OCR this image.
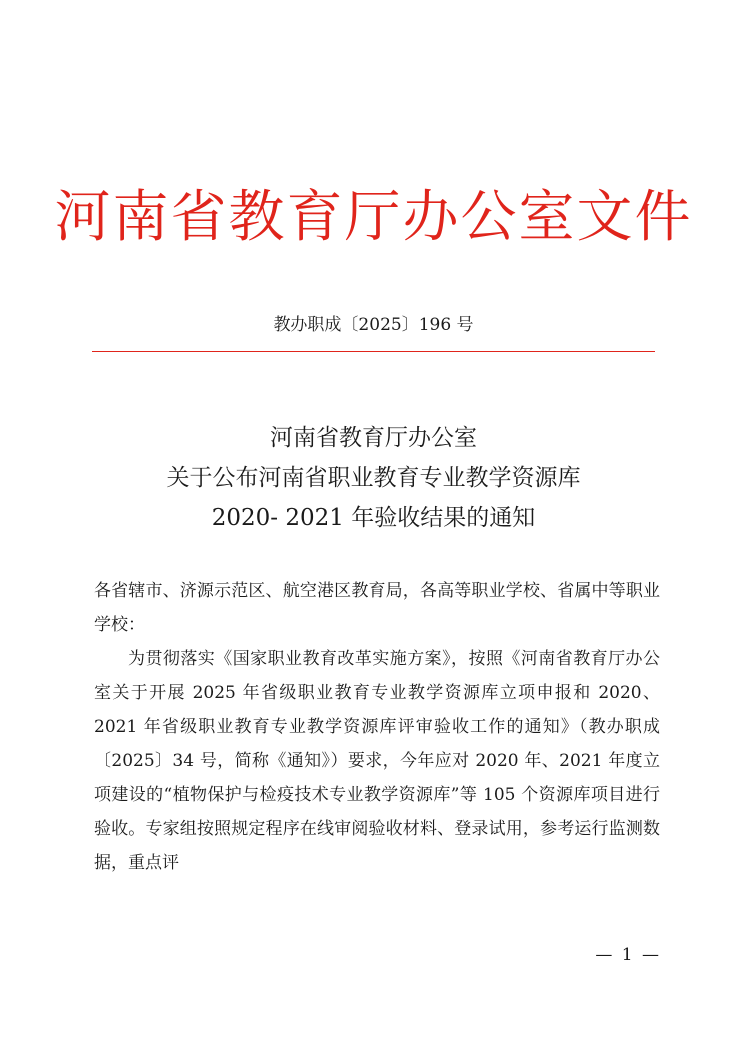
河南省教育厅办公室文件
教办职成〔2025〕196 号
河南省教育厅办公室
关于公布河南省职业教育专业教学资源库
2020- 2021 年验收结果的通知

各省辖市、济源示范区、航空港区教育局，各高等职业学校、省属中等职业学校：

为贯彻落实《国家职业教育改革实施方案》，按照《河南省教育厅办公室关于开展 2025 年省级职业教育专业教学资源库立项申报和 2020、2021 年省级职业教育专业教学资源库评审验收工作的通知》（教办职成〔2025〕34 号，简称《通知》）要求，今年应对 2020 年、2021 年度立项建设的“植物保护与检疫技术专业教学资源库”等 105 个资源库项目进行验收。专家组按照规定程序在线审阅验收材料、登录试用，参考运行监测数据，重点评

— 1 —
